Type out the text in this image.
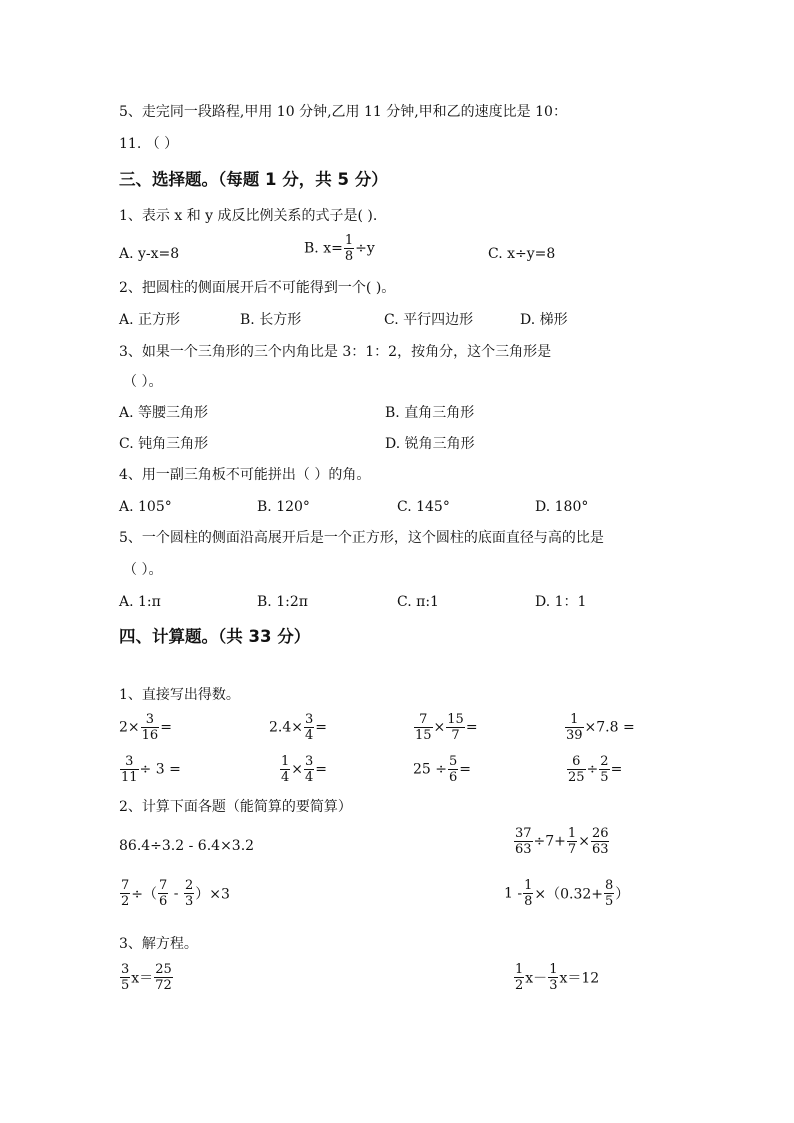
5、走完同一段路程,甲用 10 分钟,乙用 11 分钟,甲和乙的速度比是 10：
11. （ ）
三、选择题。（每题 1 分，共 5 分）
1、表示 x 和 y 成反比例关系的式子是( ).
A. y-x=8	B. $x= \frac{1}{8} \div y$	C. x÷y=8
2、把圆柱的侧面展开后不可能得到一个( )。
A. 正方形	B. 长方形	C. 平行四边形	D. 梯形
3、如果一个三角形的三个内角比是 3：1：2，按角分，这个三角形是
（ ）。
A. 等腰三角形	B. 直角三角形
C. 钝角三角形	D. 锐角三角形
4、用一副三角板不可能拼出（ ）的角。
A. 105°	B. 120°	C. 145°	D. 180°
5、一个圆柱的侧面沿高展开后是一个正方形，这个圆柱的底面直径与高的比是
（ ）。
A. 1:π	B. 1:2π	C. π:1	D. 1：1
四、计算题。（共 33 分）
1、直接写出得数。
$2\times \frac{3}{16}$ =	$2.4\times \frac{3}{4}$ =	$\frac{7}{15} \times \frac{15}{7}$ =	$\frac{1}{39} \times 7.8$ =
$\frac{3}{11} \div 3$ =	$\frac{1}{4} \times \frac{3}{4}$ =	$25 \div \frac{5}{6}$ =	$\frac{6}{25} \div \frac{2}{5}$ =
2、计算下面各题（能简算的要简算）
86.4÷3.2 - 6.4×3.2	$\frac{37}{63} \div 7+ \frac{1}{7} \times \frac{26}{63}$
$\frac{7}{2}$ ÷（ $\frac{7}{6} - \frac{2}{3} )\times 3$	$1 - \frac{1}{8} \times(0.32+ \frac{8}{5}$ ）
3、解方程。
$\frac{3}{5} x= \frac{25}{72}$	$\frac{1}{2} x- \frac{1}{3} x=12$
